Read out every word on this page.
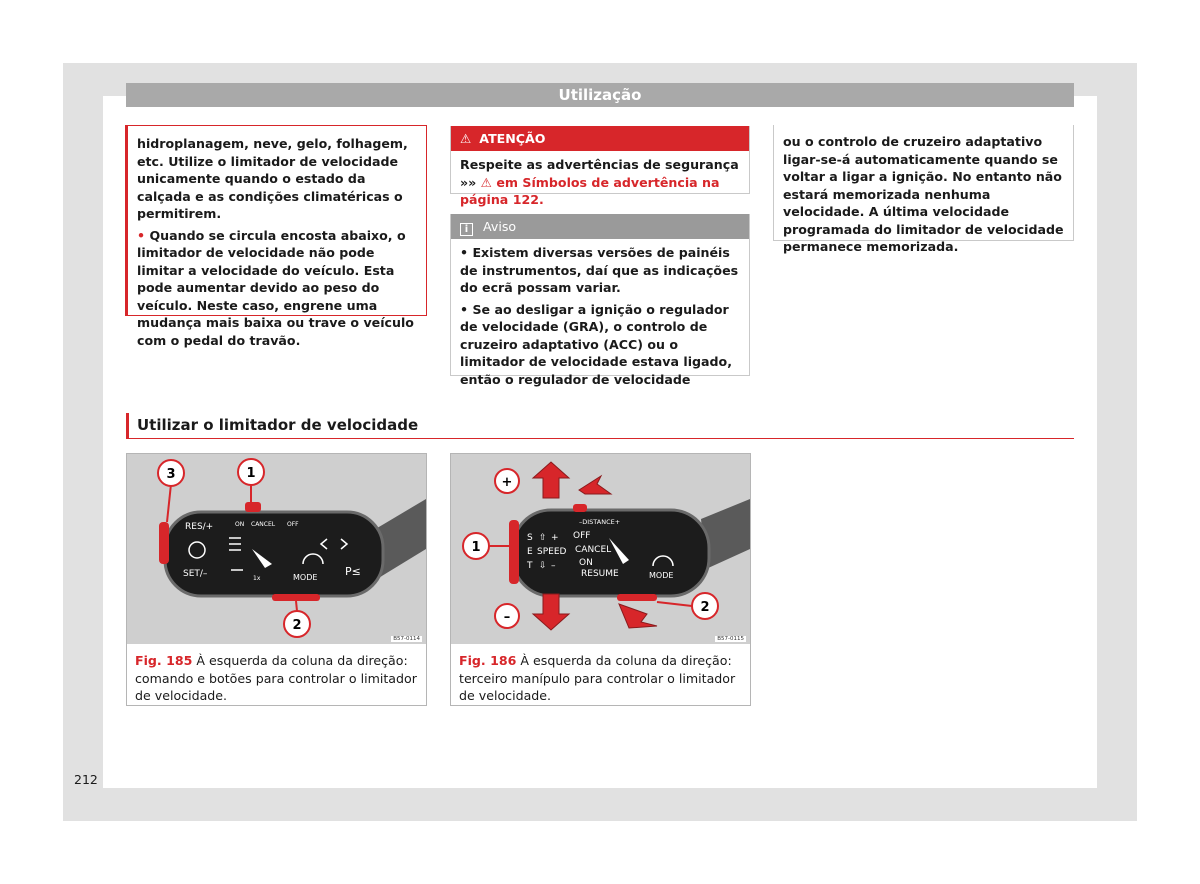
Utilização

hidroplanagem, neve, gelo, folhagem, etc. Utilize o limitador de velocidade unicamente quando o estado da calçada e as condições climatéricas o permitirem.

• Quando se circula encosta abaixo, o limitador de velocidade não pode limitar a velocidade do veículo. Esta pode aumentar devido ao peso do veículo. Neste caso, engrene uma mudança mais baixa ou trave o veículo com o pedal do travão.

⚠ ATENÇÃO
Respeite as advertências de segurança »» ⚠ em Símbolos de advertência na página 122.
i Aviso

• Existem diversas versões de painéis de instrumentos, daí que as indicações do ecrã possam variar.

• Se ao desligar a ignição o regulador de velocidade (GRA), o controlo de cruzeiro adaptativo (ACC) ou o limitador de velocidade estava ligado, então o regulador de velocidade

ou o controlo de cruzeiro adaptativo ligar-se-á automaticamente quando se voltar a ligar a ignição. No entanto não estará memorizada nenhuma velocidade. A última velocidade programada do limitador de velocidade permanece memorizada.

Utilizar o limitador de velocidade
RES/+
SET/–
ON CANCEL OFF
MODE
1x
P≤
3	1
2
B57-0114
Fig. 185 À esquerda da coluna da direção: comando e botões para controlar o limitador de velocidade.
–DISTANCE+
S
E
T
⇧ +
SPEED
⇩ –
OFF
CANCEL
ON
RESUME	MODE
+
1
–
2
B57-0115
Fig. 186 À esquerda da coluna da direção: terceiro manípulo para controlar o limitador de velocidade.
212
